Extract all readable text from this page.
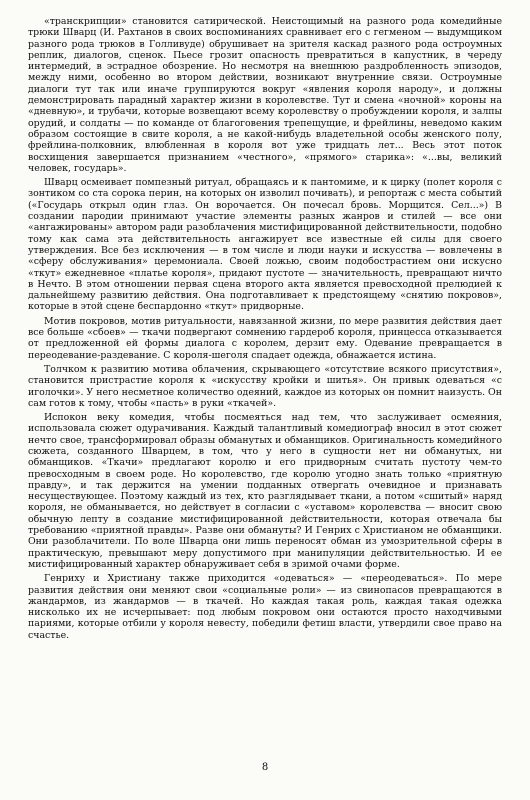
«транскрипции» становится сатирической. Неистощимый на разного рода комедийные трюки Шварц (И. Рахтанов в своих воспоминаниях сравнивает его с гегменом — выдумщиком разного рода трюков в Голливуде) обрушивает на зрителя каскад разного рода остроумных реплик, диалогов, сценок. Пьесе грозит опасность превратиться в капустник, в череду интермедий, в эстрадное обозрение. Но несмотря на внешнюю раздробленность эпизодов, между ними, особенно во втором действии, возникают внутренние связи. Остроумные диалоги тут так или иначе группируются вокруг «явления короля народу», и должны демонстрировать парадный характер жизни в королевстве. Тут и смена «ночной» короны на «дневную», и трубачи, которые возвещают всему королевству о пробуждении короля, и залпы орудий, и солдаты — по команде от благоговения трепещущие, и фрейлины, неведомо каким образом состоящие в свите короля, а не какой-нибудь владетельной особы женского полу, фрейлина-полковник, влюбленная в короля вот уже тридцать лет... Весь этот поток восхищения завершается признанием «честного», «прямого» старика»: «...вы, великий человек, государь».

Шварц осмеивает помпезный ритуал, обращаясь и к пантомиме, и к цирку (полет короля с зонтиком со ста сорока перин, на которых он изволил почивать), и репортаж с места событий («Государь открыл один глаз. Он ворочается. Он почесал бровь. Морщится. Сел...») В создании пародии принимают участие элементы разных жанров и стилей — все они «ангажированы» автором ради разоблачения мистифицированной действительности, подобно тому как сама эта действительность ангажирует все известные ей силы для своего утверждения. Все без исключения — в том числе и люди науки и искусства — вовлечены в «сферу обслуживания» церемониала. Своей ложью, своим подобострастием они искусно «ткут» ежедневное «платье короля», придают пустоте — значительность, превращают ничто в Нечто. В этом отношении первая сцена второго акта является превосходной прелюдией к дальнейшему развитию действия. Она подготавливает к предстоящему «снятию покровов», которые в этой сцене беспардонно «ткут» придворные.

Мотив покровов, мотив ритуальности, навязанной жизни, по мере развития действия дает все больше «сбоев» — ткачи подвергают сомнению гардероб короля, принцесса отказывается от предложенной ей формы диалога с королем, дерзит ему. Одевание превращается в переодевание-раздевание. С короля-шеголя спадает одежда, обнажается истина.

Толчком к развитию мотива облачения, скрывающего «отсутствие всякого присутствия», становится пристрастие короля к «искусству кройки и шитья». Он привык одеваться «с иголочки». У него несметное количество одеяний, каждое из которых он помнит наизусть. Он сам готов к тому, чтобы «пасть» в руки «ткачей».

Испокон веку комедия, чтобы посмеяться над тем, что заслуживает осмеяния, использовала сюжет одурачивания. Каждый талантливый комедиограф вносил в этот сюжет нечто свое, трансформировал образы обманутых и обманщиков. Оригинальность комедийного сюжета, созданного Шварцем, в том, что у него в сущности нет ни обманутых, ни обманщиков. «Ткачи» предлагают королю и его придворным считать пустоту чем-то превосходным в своем роде. Но королевство, где королю угодно знать только «приятную правду», и так держится на умении подданных отвергать очевидное и признавать несуществующее. Поэтому каждый из тех, кто разглядывает ткани, а потом «сшитый» наряд короля, не обманывается, но действует в согласии с «уставом» королевства — вносит свою обычную лепту в создание мистифицированной действительности, которая отвечала бы требованию «приятной правды». Разве они обмануты? И Генрих с Христианом не обманщики. Они разоблачители. По воле Шварца они лишь переносят обман из умозрительной сферы в практическую, превышают меру допустимого при манипуляции действительностью. И ее мистифицированный характер обнаруживает себя в зримой очами форме.

Генриху и Христиану также приходится «одеваться» — «переодеваться». По мере развития действия они меняют свои «социальные роли» — из свинопасов превращаются в жандармов, из жандармов — в ткачей. Но каждая такая роль, каждая такая одежка нисколько их не исчерпывает: под любым покровом они остаются просто находчивыми париями, которые отбили у короля невесту, победили фетиш власти, утвердили свое право на счастье.

8
